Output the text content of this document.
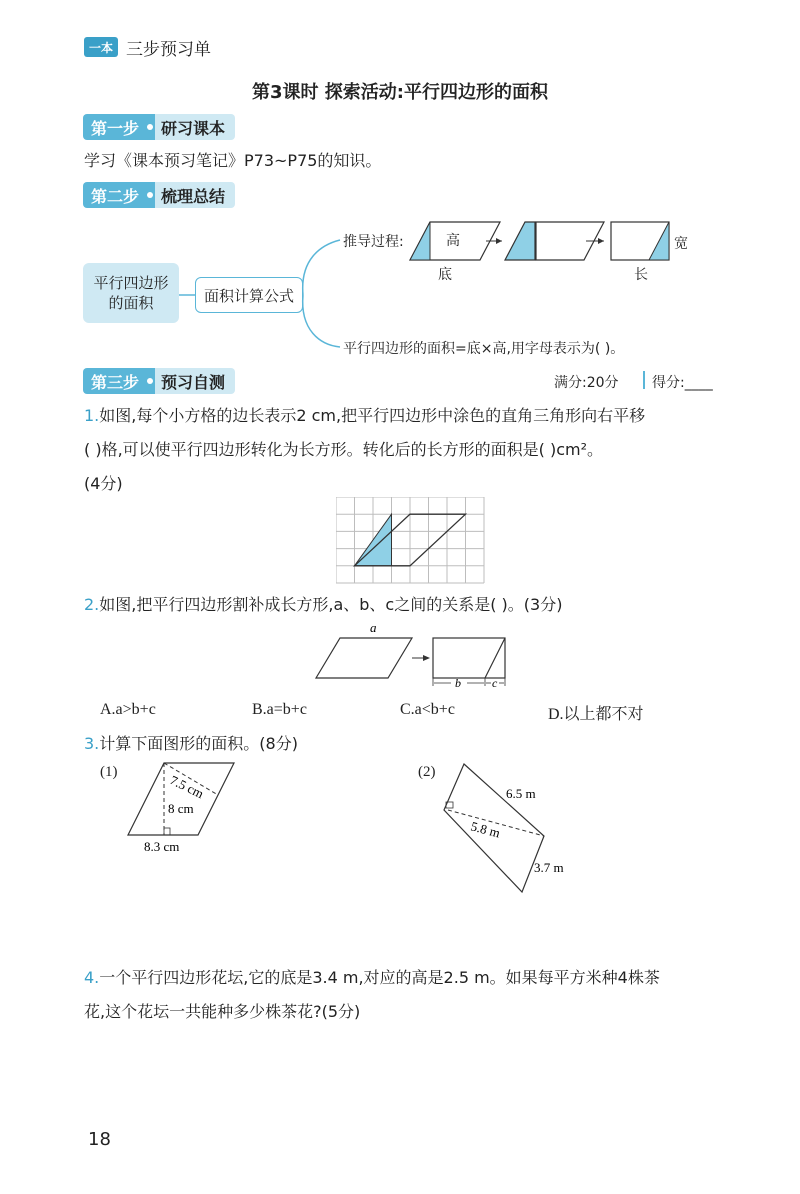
一本 三步预习单
第3课时 探索活动:平行四边形的面积
第一步	研习课本
学习《课本预习笔记》P73~P75的知识。
第二步	梳理总结
平行四边形的面积	面积计算公式
推导过程:	高
底
宽
长
平行四边形的面积=底×高,用字母表示为( )。
第三步	预习自测	满分:20分 得分:____
1.如图,每个小方格的边长表示2 cm,把平行四边形中涂色的直角三角形向右平移
( )格,可以使平行四边形转化为长方形。转化后的长方形的面积是( )cm²。
(4分)
2.如图,把平行四边形割补成长方形,a、b、c之间的关系是( )。(3分)
a
b	c
A.a>b+c	B.a=b+c	C.a<b+c	D.以上都不对
3.计算下面图形的面积。(8分)
(1)
7.5 cm
8 cm
8.3 cm
(2)
6.5 m
5.8 m
3.7 m
4.一个平行四边形花坛,它的底是3.4 m,对应的高是2.5 m。如果每平方米种4株茶
花,这个花坛一共能种多少株茶花?(5分)
18
